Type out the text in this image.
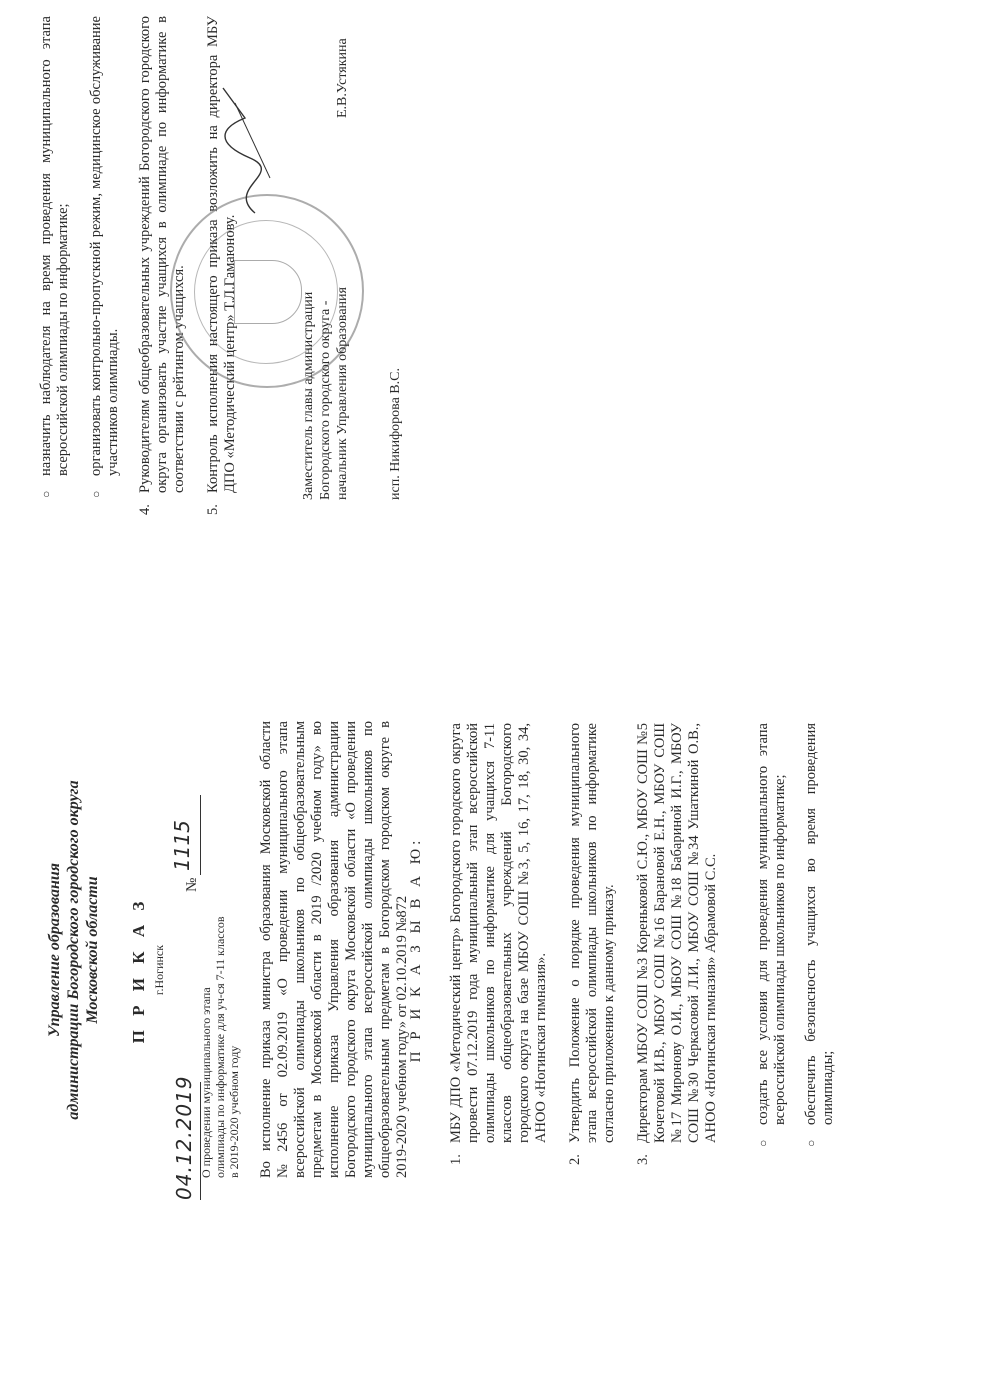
Управление образования администрации Богородского городского округа Московской области П Р И К А З г.Ногинск
04.12.2019
№
1115
О проведении муниципального этапа олимпиады по информатике для уч-ся 7-11 классов в 2019-2020 учебном году Во исполнение приказа министра образования Московской области №2456 от 02.09.2019 «О проведении муниципального этапа всероссийской олимпиады школьников по общеобразовательным предметам в Московской области в 2019 /2020 учебном году» во исполнение приказа Управления образования администрации Богородского городского округа Московской области «О проведении муниципального этапа всероссийской олимпиады школьников по общеобразовательным предметам в Богородском городском округе в 2019-2020 учебном году» от 02.10.2019 №872
П Р И К А З Ы В А Ю:
1.
МБУ ДПО «Методический центр» Богородского городского округа провести 07.12.2019 года муниципальный этап всероссийской олимпиады школьников по информатике для учащихся 7-11 классов общеобразовательных учреждений Богородского городского округа на базе МБОУ СОШ №3, 5, 16, 17, 18, 30, 34, АНОО «Ногинская гимназия».
2.
Утвердить Положение о порядке проведения муниципального этапа всероссийской олимпиады школьников по информатике согласно приложению к данному приказу.
3.
Директорам МБОУ СОШ №3 Кореньковой С.Ю., МБОУ СОШ №5 Кочетовой И.В., МБОУ СОШ №16 Барановой Е.Н., МБОУ СОШ №17 Миронову О.И., МБОУ СОШ №18 Бабариной И.Г., МБОУ СОШ №30 Черкасовой Л.И., МБОУ СОШ №34 Ушаткиной О.В., АНОО «Ногинская гимназия» Абрамовой С.С.
○
создать все условия для проведения муниципального этапа всероссийской олимпиады школьников по информатике;
○
обеспечить безопасность учащихся во время проведения олимпиады;
○
назначить наблюдателя на время проведения муниципального этапа всероссийской олимпиады по информатике;
○
организовать контрольно-пропускной режим, медицинское обслуживание участников олимпиады.
4.
Руководителям общеобразовательных учреждений Богородского городского округа организовать участие учащихся в олимпиаде по информатике в соответствии с рейтингом учащихся.
5.
Контроль исполнения настоящего приказа возложить на директора МБУ ДПО «Методический центр» Т.Л.Гамаюнову.	Заместитель главы администрации Богородского городского округа - начальник Управления образования
Е.В.Устякина
исп. Никифорова В.С.
